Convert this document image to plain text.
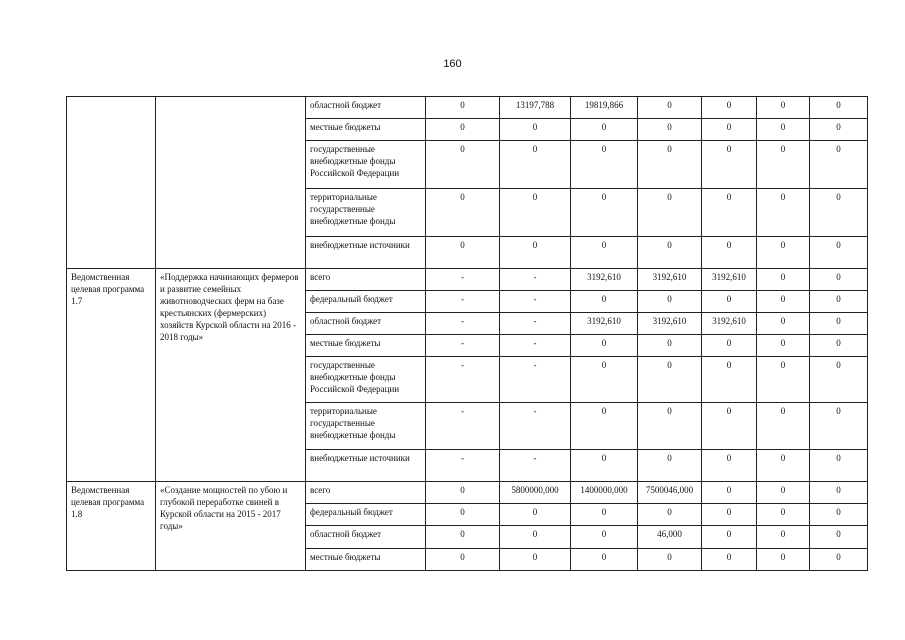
160
		областной бюджет	0	13197,788	19819,866	0	0	0	0
		местные бюджеты	0	0	0	0	0	0	0
		государственные внебюджетные фонды Российской Федерации	0	0	0	0	0	0	0
		территориальные государственные внебюджетные фонды	0	0	0	0	0	0	0
		внебюджетные источники	0	0	0	0	0	0	0
Ведомственная целевая программа 1.7	«Поддержка начинающих фермеров и развитие семейных животноводческих ферм на базе крестьянских (фермерских) хозяйств Курской области на 2016 - 2018 годы»	всего	-	-	3192,610	3192,610	3192,610	0	0
		федеральный бюджет	-	-	0	0	0	0	0
		областной бюджет	-	-	3192,610	3192,610	3192,610	0	0
		местные бюджеты	-	-	0	0	0	0	0
		государственные внебюджетные фонды Российской Федерации	-	-	0	0	0	0	0
		территориальные государственные внебюджетные фонды	-	-	0	0	0	0	0
		внебюджетные источники	-	-	0	0	0	0	0
Ведомственная целевая программа 1.8	«Создание мощностей по убою и глубокой переработке свиней в Курской области на 2015 - 2017 годы»	всего	0	5800000,000	1400000,000	7500046,000	0	0	0
		федеральный бюджет	0	0	0	0	0	0	0
		областной бюджет	0	0	0	46,000	0	0	0
		местные бюджеты	0	0	0	0	0	0	0
